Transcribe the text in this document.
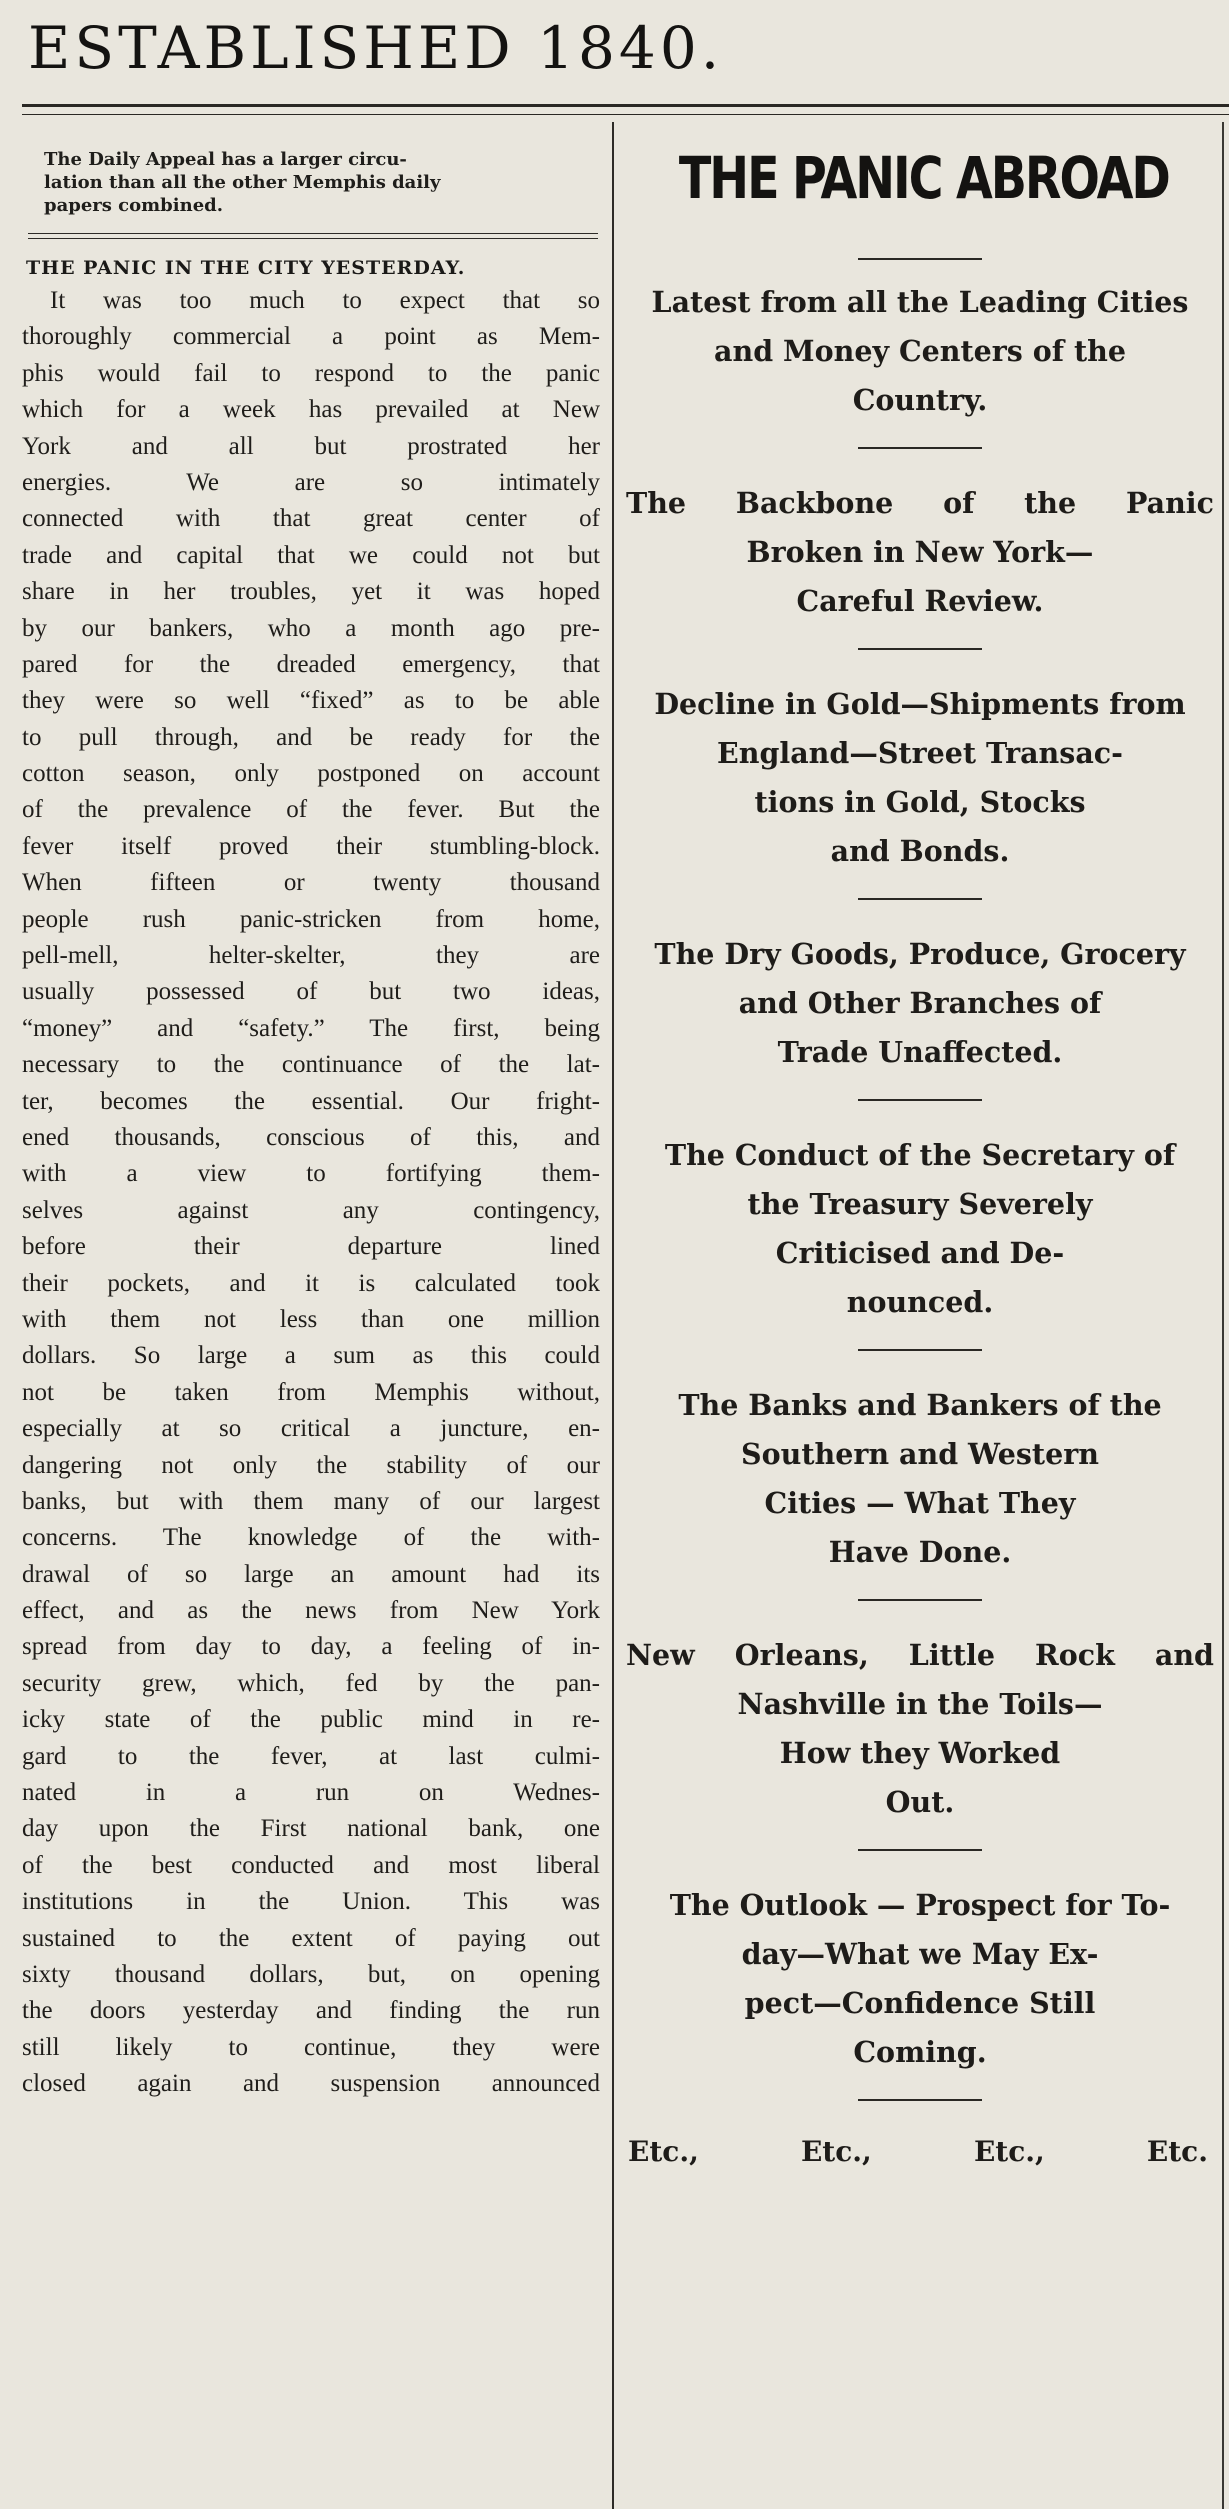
ESTABLISHED 1840.
The Daily Appeal has a larger circu-
lation than all the other Memphis daily
papers combined.
THE PANIC IN THE CITY YESTERDAY.
It was too much to expect that so
thoroughly commercial a point as Mem-
phis would fail to respond to the panic
which for a week has prevailed at New
York and all but prostrated her
energies. We are so intimately
connected with that great center of
trade and capital that we could not but
share in her troubles, yet it was hoped
by our bankers, who a month ago pre-
pared for the dreaded emergency, that
they were so well “fixed” as to be able
to pull through, and be ready for the
cotton season, only postponed on account
of the prevalence of the fever. But the
fever itself proved their stumbling-block.
When fifteen or twenty thousand
people rush panic-stricken from home,
pell-mell, helter-skelter, they are
usually possessed of but two ideas,
“money” and “safety.” The first, being
necessary to the continuance of the lat-
ter, becomes the essential. Our fright-
ened thousands, conscious of this, and
with a view to fortifying them-
selves against any contingency,
before their departure lined
their pockets, and it is calculated took
with them not less than one million
dollars. So large a sum as this could
not be taken from Memphis without,
especially at so critical a juncture, en-
dangering not only the stability of our
banks, but with them many of our largest
concerns. The knowledge of the with-
drawal of so large an amount had its
effect, and as the news from New York
spread from day to day, a feeling of in-
security grew, which, fed by the pan-
icky state of the public mind in re-
gard to the fever, at last culmi-
nated in a run on Wednes-
day upon the First national bank, one
of the best conducted and most liberal
institutions in the Union. This was
sustained to the extent of paying out
sixty thousand dollars, but, on opening
the doors yesterday and finding the run
still likely to continue, they were
closed again and suspension announced
THE PANIC ABROAD
Latest from all the Leading Cities
and Money Centers of the
Country.
The Backbone of the Panic
Broken in New York—
Careful Review.
Decline in Gold—Shipments from
England—Street Transac-
tions in Gold, Stocks
and Bonds.
The Dry Goods, Produce, Grocery
and Other Branches of
Trade Unaffected.
The Conduct of the Secretary of
the Treasury Severely
Criticised and De-
nounced.
The Banks and Bankers of the
Southern and Western
Cities — What They
Have Done.
New Orleans, Little Rock and
Nashville in the Toils—
How they Worked
Out.
The Outlook — Prospect for To-
day—What we May Ex-
pect—Confidence Still
Coming.
Etc.,	Etc.,	Etc.,	Etc.
